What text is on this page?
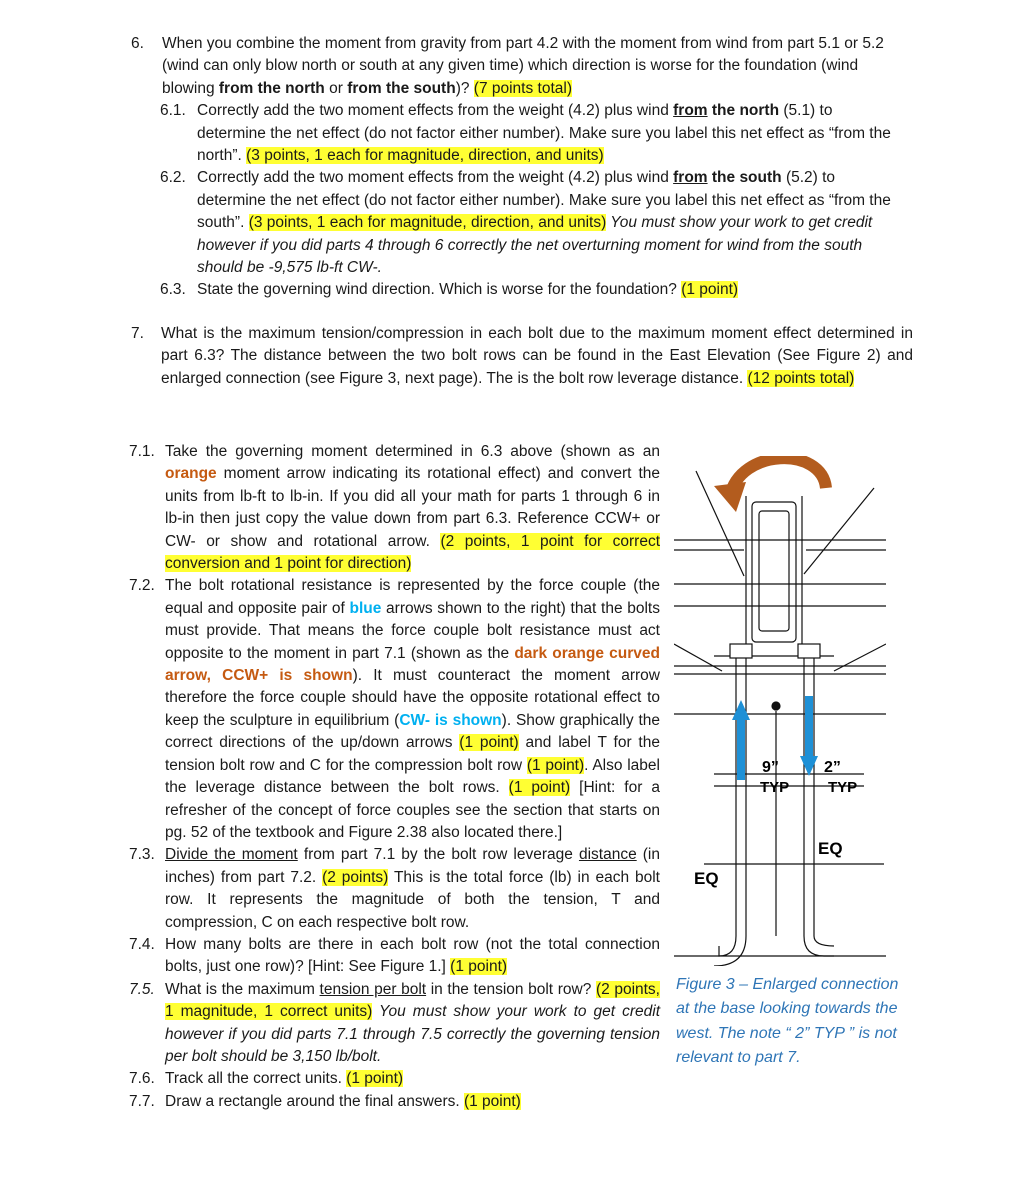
6. When you combine the moment from gravity from part 4.2 with the moment from wind from part 5.1 or 5.2 (wind can only blow north or south at any given time) which direction is worse for the foundation (wind blowing from the north or from the south)? (7 points total)
6.1. Correctly add the two moment effects from the weight (4.2) plus wind from the north (5.1) to determine the net effect (do not factor either number). Make sure you label this net effect as “from the north”. (3 points, 1 each for magnitude, direction, and units)
6.2. Correctly add the two moment effects from the weight (4.2) plus wind from the south (5.2) to determine the net effect (do not factor either number). Make sure you label this net effect as “from the south”. (3 points, 1 each for magnitude, direction, and units) You must show your work to get credit however if you did parts 4 through 6 correctly the net overturning moment for wind from the south should be -9,575 lb-ft CW-.
6.3. State the governing wind direction. Which is worse for the foundation? (1 point)
7. What is the maximum tension/compression in each bolt due to the maximum moment effect determined in part 6.3? The distance between the two bolt rows can be found in the East Elevation (See Figure 2) and enlarged connection (see Figure 3, next page). The is the bolt row leverage distance. (12 points total)
7.1. Take the governing moment determined in 6.3 above (shown as an orange moment arrow indicating its rotational effect) and convert the units from lb-ft to lb-in. If you did all your math for parts 1 through 6 in lb-in then just copy the value down from part 6.3. Reference CCW+ or CW- or show and rotational arrow. (2 points, 1 point for correct conversion and 1 point for direction)
7.2. The bolt rotational resistance is represented by the force couple (the equal and opposite pair of blue arrows shown to the right) that the bolts must provide. That means the force couple bolt resistance must act opposite to the moment in part 7.1 (shown as the dark orange curved arrow, CCW+ is shown). It must counteract the moment arrow therefore the force couple should have the opposite rotational effect to keep the sculpture in equilibrium (CW- is shown). Show graphically the correct directions of the up/down arrows (1 point) and label T for the tension bolt row and C for the compression bolt row (1 point). Also label the leverage distance between the bolt rows. (1 point) [Hint: for a refresher of the concept of force couples see the section that starts on pg. 52 of the textbook and Figure 2.38 also located there.]
7.3. Divide the moment from part 7.1 by the bolt row leverage distance (in inches) from part 7.2. (2 points) This is the total force (lb) in each bolt row. It represents the magnitude of both the tension, T and compression, C on each respective bolt row.
7.4. How many bolts are there in each bolt row (not the total connection bolts, just one row)? [Hint: See Figure 1.] (1 point)
7.5. What is the maximum tension per bolt in the tension bolt row? (2 points, 1 magnitude, 1 correct units) You must show your work to get credit however if you did parts 7.1 through 7.5 correctly the governing tension per bolt should be 3,150 lb/bolt.
7.6. Track all the correct units. (1 point)
7.7. Draw a rectangle around the final answers. (1 point)
9”	2”
TYP	TYP
EQ
EQ
Figure 3 – Enlarged connection at the base looking towards the west. The note “ 2” TYP ” is not relevant to part 7.
